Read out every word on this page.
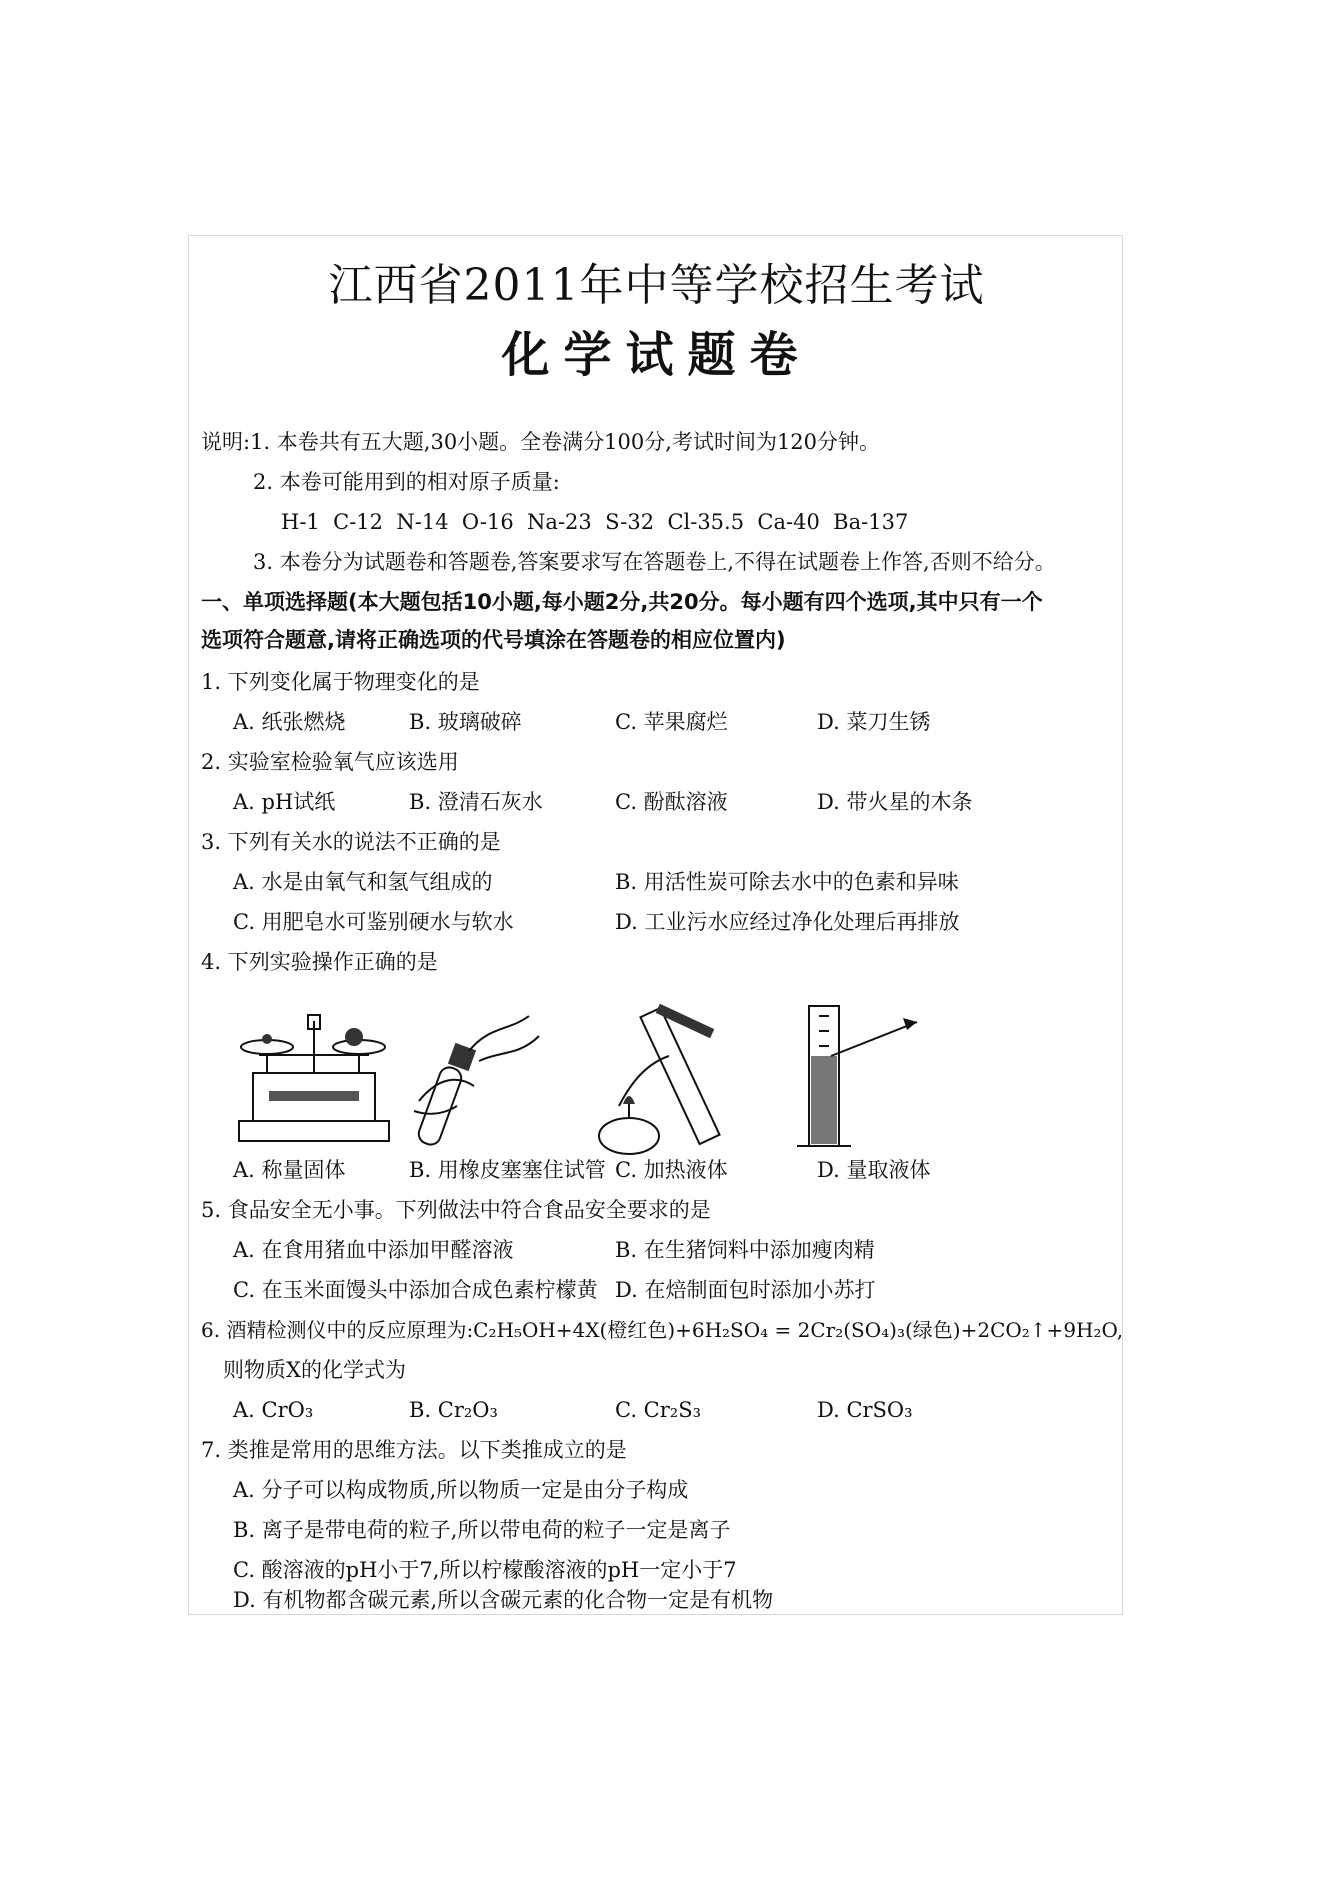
江西省2011年中等学校招生考试
化学试题卷
说明:1. 本卷共有五大题,30小题。全卷满分100分,考试时间为120分钟。
2. 本卷可能用到的相对原子质量:
H-1  C-12  N-14  O-16  Na-23  S-32  Cl-35.5  Ca-40  Ba-137
3. 本卷分为试题卷和答题卷,答案要求写在答题卷上,不得在试题卷上作答,否则不给分。
一、单项选择题(本大题包括10小题,每小题2分,共20分。每小题有四个选项,其中只有一个
选项符合题意,请将正确选项的代号填涂在答题卷的相应位置内)
1. 下列变化属于物理变化的是
A. 纸张燃烧	B. 玻璃破碎	C. 苹果腐烂	D. 菜刀生锈
2. 实验室检验氧气应该选用
A. pH试纸	B. 澄清石灰水	C. 酚酞溶液	D. 带火星的木条
3. 下列有关水的说法不正确的是
A. 水是由氧气和氢气组成的	B. 用活性炭可除去水中的色素和异味
C. 用肥皂水可鉴别硬水与软水	D. 工业污水应经过净化处理后再排放
4. 下列实验操作正确的是
A. 称量固体	B. 用橡皮塞塞住试管 C. 加热液体	D. 量取液体
5. 食品安全无小事。下列做法中符合食品安全要求的是
A. 在食用猪血中添加甲醛溶液	B. 在生猪饲料中添加瘦肉精
C. 在玉米面馒头中添加合成色素柠檬黄 D. 在焙制面包时添加小苏打
6. 酒精检测仪中的反应原理为:C₂H₅OH+4X(橙红色)+6H₂SO₄ = 2Cr₂(SO₄)₃(绿色)+2CO₂↑+9H₂O,
则物质X的化学式为
A. CrO₃	B. Cr₂O₃	C. Cr₂S₃	D. CrSO₃
7. 类推是常用的思维方法。以下类推成立的是
A. 分子可以构成物质,所以物质一定是由分子构成
B. 离子是带电荷的粒子,所以带电荷的粒子一定是离子
C. 酸溶液的pH小于7,所以柠檬酸溶液的pH一定小于7
D. 有机物都含碳元素,所以含碳元素的化合物一定是有机物
